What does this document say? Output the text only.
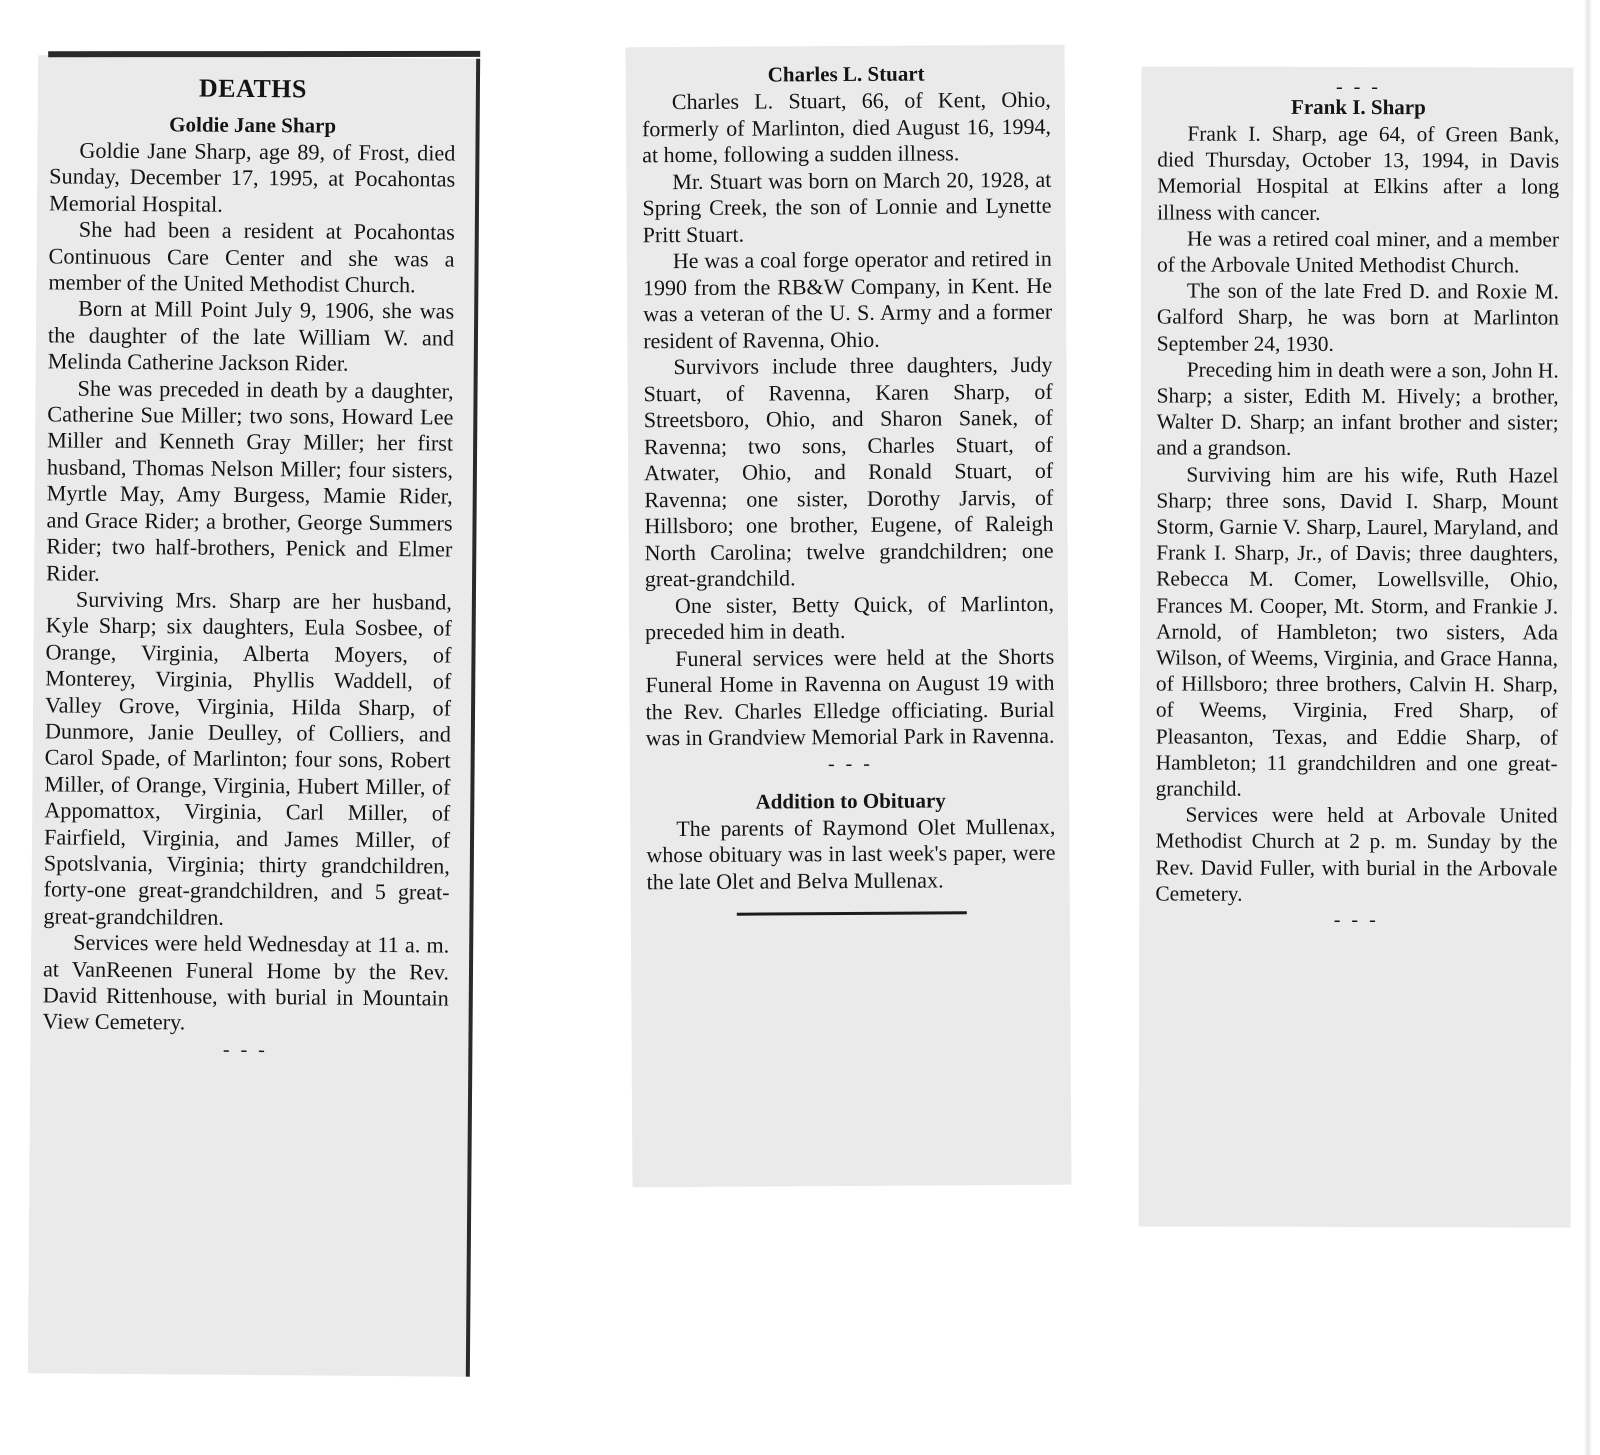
DEATHS
Goldie Jane Sharp

Goldie Jane Sharp, age 89, of Frost, died Sunday, December 17, 1995, at Pocahontas Memorial Hospital.

She had been a resident at Pocahontas Continuous Care Center and she was a member of the United Methodist Church.

Born at Mill Point July 9, 1906, she was the daughter of the late William W. and Melinda Catherine Jackson Rider.

She was preceded in death by a daughter, Catherine Sue Miller; two sons, Howard Lee Miller and Kenneth Gray Miller; her first husband, Thomas Nelson Miller; four sisters, Myrtle May, Amy Burgess, Mamie Rider, and Grace Rider; a brother, George Summers Rider; two half-brothers, Penick and Elmer Rider.

Surviving Mrs. Sharp are her husband, Kyle Sharp; six daughters, Eula Sosbee, of Orange, Virginia, Alberta Moyers, of Monterey, Virginia, Phyllis Waddell, of Valley Grove, Virginia, Hilda Sharp, of Dunmore, Janie Deulley, of Colliers, and Carol Spade, of Marlinton; four sons, Robert Miller, of Orange, Virginia, Hubert Miller, of Appomattox, Virginia, Carl Miller, of Fairfield, Virginia, and James Miller, of Spotslvania, Virginia; thirty grandchildren, forty-one great-grandchildren, and 5 great-great-grandchildren.

Services were held Wednesday at 11 a. m. at VanReenen Funeral Home by the Rev. David Rittenhouse, with burial in Mountain View Cemetery.

- - -
Charles L. Stuart

Charles L. Stuart, 66, of Kent, Ohio, formerly of Marlinton, died August 16, 1994, at home, following a sudden illness.

Mr. Stuart was born on March 20, 1928, at Spring Creek, the son of Lonnie and Lynette Pritt Stuart.

He was a coal forge operator and retired in 1990 from the RB&W Company, in Kent. He was a veteran of the U. S. Army and a former resident of Ravenna, Ohio.

Survivors include three daughters, Judy Stuart, of Ravenna, Karen Sharp, of Streetsboro, Ohio, and Sharon Sanek, of Ravenna; two sons, Charles Stuart, of Atwater, Ohio, and Ronald Stuart, of Ravenna; one sister, Dorothy Jarvis, of Hillsboro; one brother, Eugene, of Raleigh North Carolina; twelve grandchildren; one great-grandchild.

One sister, Betty Quick, of Marlinton, preceded him in death.

Funeral services were held at the Shorts Funeral Home in Ravenna on August 19 with the Rev. Charles Elledge officiating. Burial was in Grandview Memorial Park in Ravenna.

- - -
Addition to Obituary

The parents of Raymond Olet Mullenax, whose obituary was in last week's paper, were the late Olet and Belva Mullenax.

- - -
Frank I. Sharp

Frank I. Sharp, age 64, of Green Bank, died Thursday, October 13, 1994, in Davis Memorial Hospital at Elkins after a long illness with cancer.

He was a retired coal miner, and a member of the Arbovale United Methodist Church.

The son of the late Fred D. and Roxie M. Galford Sharp, he was born at Marlinton September 24, 1930.

Preceding him in death were a son, John H. Sharp; a sister, Edith M. Hively; a brother, Walter D. Sharp; an infant brother and sister; and a grandson.

Surviving him are his wife, Ruth Hazel Sharp; three sons, David I. Sharp, Mount Storm, Garnie V. Sharp, Laurel, Maryland, and Frank I. Sharp, Jr., of Davis; three daughters, Rebecca M. Comer, Lowellsville, Ohio, Frances M. Cooper, Mt. Storm, and Frankie J. Arnold, of Hambleton; two sisters, Ada Wilson, of Weems, Virginia, and Grace Hanna, of Hillsboro; three brothers, Calvin H. Sharp, of Weems, Virginia, Fred Sharp, of Pleasanton, Texas, and Eddie Sharp, of Hambleton; 11 grandchildren and one great-granchild.

Services were held at Arbovale United Methodist Church at 2 p. m. Sunday by the Rev. David Fuller, with burial in the Arbovale Cemetery.

- - -
